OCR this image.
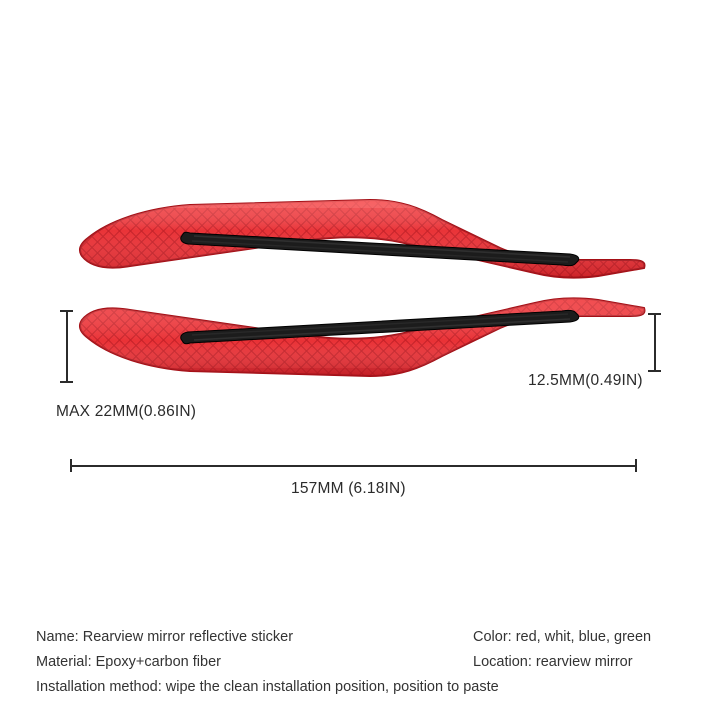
MAX 22MM(0.86IN)
12.5MM(0.49IN)
157MM (6.18IN)
Name: Rearview mirror reflective sticker	Color: red, whit, blue, green
Material: Epoxy+carbon fiber	Location: rearview mirror
Installation method: wipe the clean installation position, position to paste
